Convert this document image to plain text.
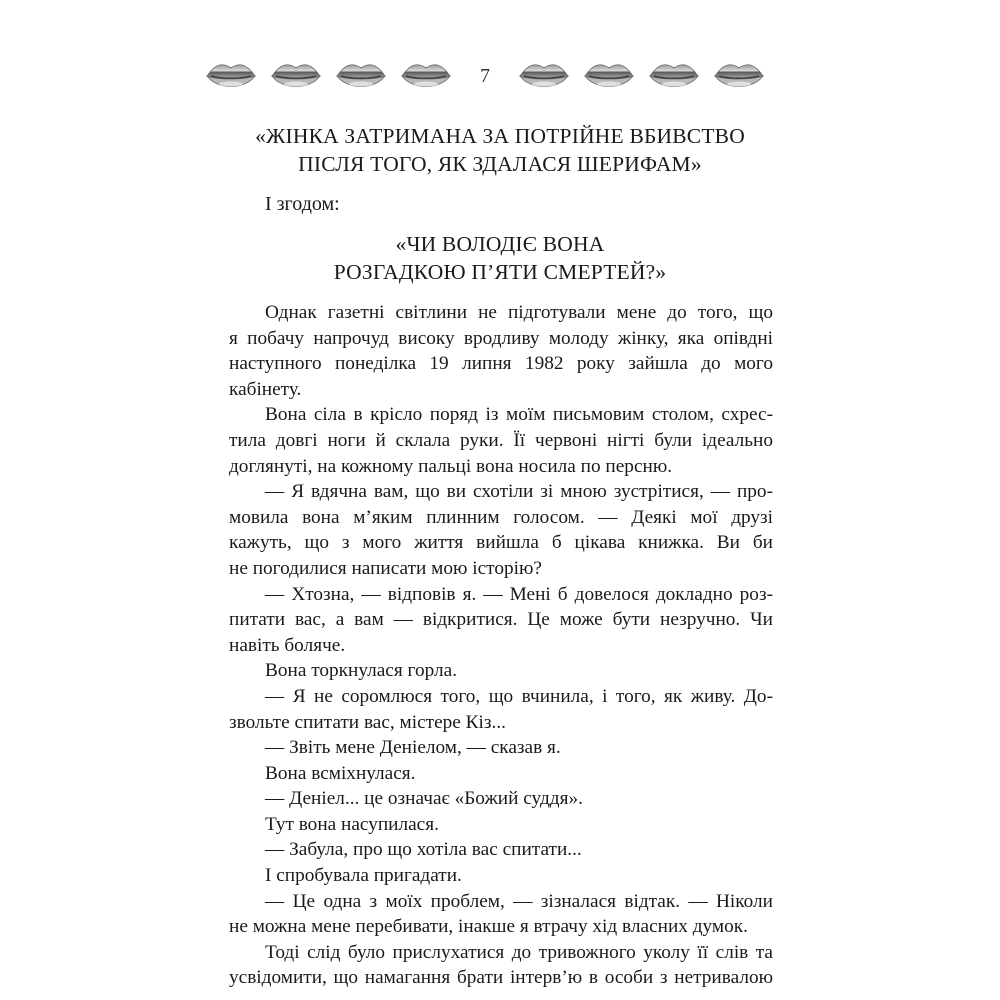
7
«ЖІНКА ЗАТРИМАНА ЗА ПОТРІЙНЕ ВБИВСТВО
ПІСЛЯ ТОГО, ЯК ЗДАЛАСЯ ШЕРИФАМ»
І згодом:
«ЧИ ВОЛОДІЄ ВОНА
РОЗГАДКОЮ П’ЯТИ СМЕРТЕЙ?»
Однак газетні світлини не підготували мене до того, що
я побачу напрочуд високу вродливу молоду жінку, яка опівдні
наступного понеділка 19 липня 1982 року зайшла до мого
кабінету.
Вона сіла в крісло поряд із моїм письмовим столом, схрес-
тила довгі ноги й склала руки. Її червоні нігті були ідеально
доглянуті, на кожному пальці вона носила по персню.
— Я вдячна вам, що ви схотіли зі мною зустрітися, — про-
мовила вона м’яким плинним голосом. — Деякі мої друзі
кажуть, що з мого життя вийшла б цікава книжка. Ви би
не погодилися написати мою історію?
— Хтозна, — відповів я. — Мені б довелося докладно роз-
питати вас, а вам — відкритися. Це може бути незручно. Чи
навіть боляче.
Вона торкнулася горла.
— Я не соромлюся того, що вчинила, і того, як живу. До-
звольте спитати вас, містере Кіз...
— Звіть мене Деніелом, — сказав я.
Вона всміхнулася.
— Деніел... це означає «Божий суддя».
Тут вона насупилася.
— Забула, про що хотіла вас спитати...
І спробувала пригадати.
— Це одна з моїх проблем, — зізналася відтак. — Ніколи
не можна мене перебивати, інакше я втрачу хід власних думок.
Тоді слід було прислухатися до тривожного уколу її слів та
усвідомити, що намагання брати інтерв’ю в особи з нетривалою
